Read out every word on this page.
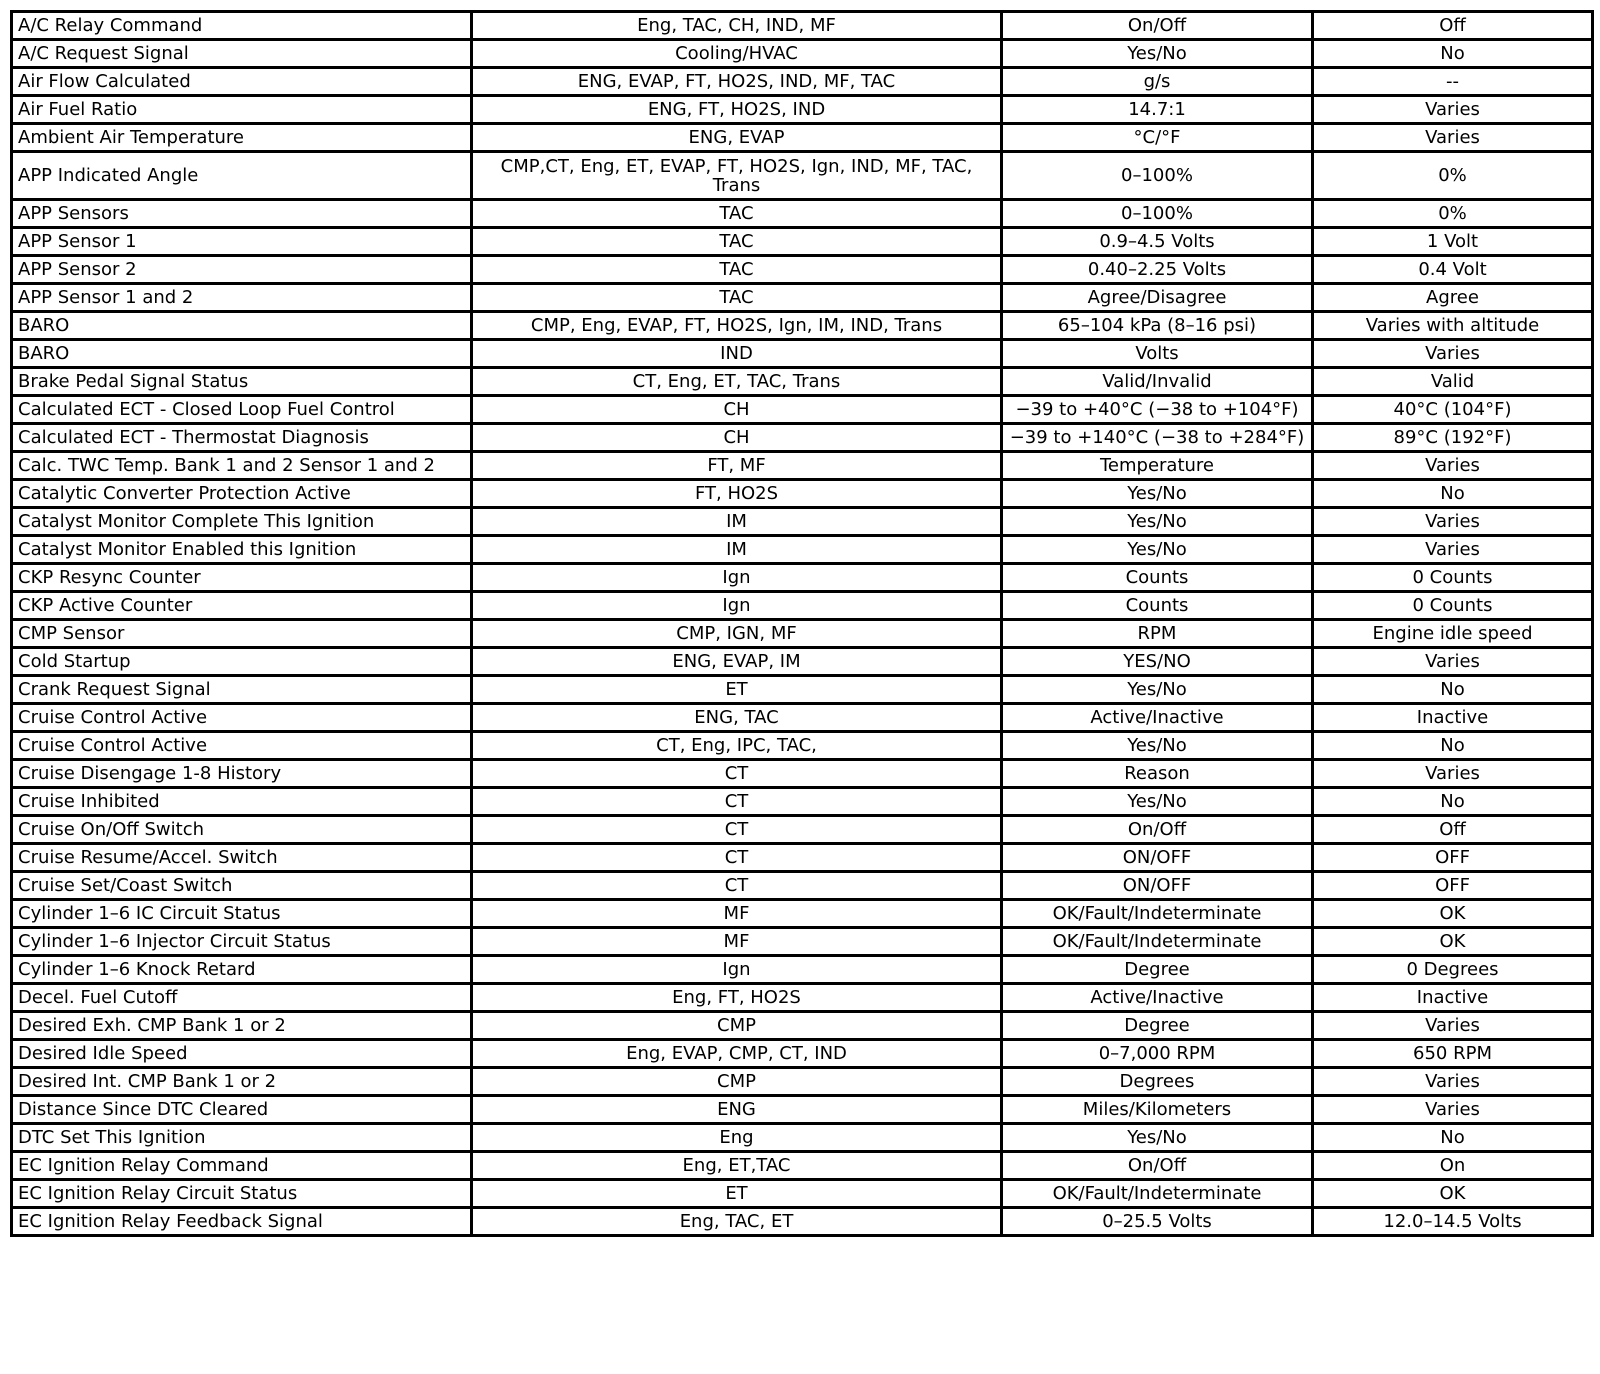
A/C Relay Command	Eng, TAC, CH, IND, MF	On/Off	Off
A/C Request Signal	Cooling/HVAC	Yes/No	No
Air Flow Calculated	ENG, EVAP, FT, HO2S, IND, MF, TAC	g/s	--
Air Fuel Ratio	ENG, FT, HO2S, IND	14.7:1	Varies
Ambient Air Temperature	ENG, EVAP	°C/°F	Varies
APP Indicated Angle	CMP,CT, Eng, ET, EVAP, FT, HO2S, Ign, IND, MF, TAC, Trans	0–100%	0%
APP Sensors	TAC	0–100%	0%
APP Sensor 1	TAC	0.9–4.5 Volts	1 Volt
APP Sensor 2	TAC	0.40–2.25 Volts	0.4 Volt
APP Sensor 1 and 2	TAC	Agree/Disagree	Agree
BARO	CMP, Eng, EVAP, FT, HO2S, Ign, IM, IND, Trans	65–104 kPa (8–16 psi)	Varies with altitude
BARO	IND	Volts	Varies
Brake Pedal Signal Status	CT, Eng, ET, TAC, Trans	Valid/Invalid	Valid
Calculated ECT - Closed Loop Fuel Control	CH	−39 to +40°C (−38 to +104°F)	40°C (104°F)
Calculated ECT - Thermostat Diagnosis	CH	−39 to +140°C (−38 to +284°F)	89°C (192°F)
Calc. TWC Temp. Bank 1 and 2 Sensor 1 and 2	FT, MF	Temperature	Varies
Catalytic Converter Protection Active	FT, HO2S	Yes/No	No
Catalyst Monitor Complete This Ignition	IM	Yes/No	Varies
Catalyst Monitor Enabled this Ignition	IM	Yes/No	Varies
CKP Resync Counter	Ign	Counts	0 Counts
CKP Active Counter	Ign	Counts	0 Counts
CMP Sensor	CMP, IGN, MF	RPM	Engine idle speed
Cold Startup	ENG, EVAP, IM	YES/NO	Varies
Crank Request Signal	ET	Yes/No	No
Cruise Control Active	ENG, TAC	Active/Inactive	Inactive
Cruise Control Active	CT, Eng, IPC, TAC,	Yes/No	No
Cruise Disengage 1-8 History	CT	Reason	Varies
Cruise Inhibited	CT	Yes/No	No
Cruise On/Off Switch	CT	On/Off	Off
Cruise Resume/Accel. Switch	CT	ON/OFF	OFF
Cruise Set/Coast Switch	CT	ON/OFF	OFF
Cylinder 1–6 IC Circuit Status	MF	OK/Fault/Indeterminate	OK
Cylinder 1–6 Injector Circuit Status	MF	OK/Fault/Indeterminate	OK
Cylinder 1–6 Knock Retard	Ign	Degree	0 Degrees
Decel. Fuel Cutoff	Eng, FT, HO2S	Active/Inactive	Inactive
Desired Exh. CMP Bank 1 or 2	CMP	Degree	Varies
Desired Idle Speed	Eng, EVAP, CMP, CT, IND	0–7,000 RPM	650 RPM
Desired Int. CMP Bank 1 or 2	CMP	Degrees	Varies
Distance Since DTC Cleared	ENG	Miles/Kilometers	Varies
DTC Set This Ignition	Eng	Yes/No	No
EC Ignition Relay Command	Eng, ET,TAC	On/Off	On
EC Ignition Relay Circuit Status	ET	OK/Fault/Indeterminate	OK
EC Ignition Relay Feedback Signal	Eng, TAC, ET	0–25.5 Volts	12.0–14.5 Volts
